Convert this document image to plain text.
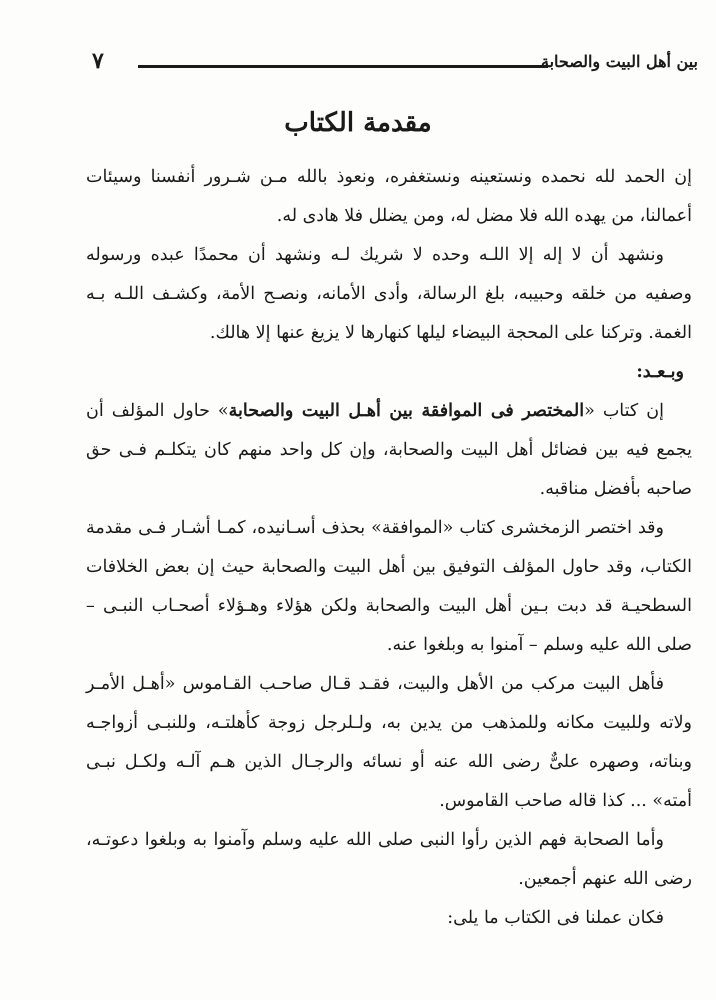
بين أهل البيت والصحابة
٧
مقدمة الكتاب

إن الحمد لله نحمده ونستعينه ونستغفره، ونعوذ بالله مـن شـرور أنفسنا وسيئات أعمالنا، من يهده الله فلا مضل له، ومن يضلل فلا هادى له.

ونشهد أن لا إله إلا اللـه وحده لا شريك لـه ونشهد أن محمدًا عبده ورسوله وصفيه من خلقه وحبيبه، بلغ الرسالة، وأدى الأمانه، ونصـح الأمة، وكشـف اللـه بـه الغمة. وتركنا على المحجة البيضاء ليلها كنهارها لا يزيغ عنها إلا هالك.

وبـعـد:

إن كتاب «المختصر فى الموافقة بين أهـل البيت والصحابة» حاول المؤلف أن يجمع فيه بين فضائل أهل البيت والصحابة، وإن كل واحد منهم كان يتكلـم فـى حق صاحبه بأفضل مناقبه.

وقد اختصر الزمخشرى كتاب «الموافقة» بحذف أسـانيده، كمـا أشـار فـى مقدمة الكتاب، وقد حاول المؤلف التوفيق بين أهل البيت والصحابة حيث إن بعض الخلافات السطحيـة قد دبت بـين أهل البيت والصحابة ولكن هؤلاء وهـؤلاء أصحـاب النبـى – صلى الله عليه وسلم – آمنوا به وبلغوا عنه.

فأهل البيت مركب من الأهل والبيت، فقـد قـال صاحـب القـاموس «أهـل الأمـر ولاته وللبيت مكانه وللمذهب من يدين به، ولـلرجل زوجة كأهلتـه، وللنبـى أزواجـه وبناته، وصهره علىٌّ رضى الله عنه أو نسائه والرجـال الذين هـم آلـه ولكـل نبـى أمته» ... كذا قاله صاحب القاموس.

وأما الصحابة فهم الذين رأوا النبى صلى الله عليه وسلم وآمنوا به وبلغوا دعوتـه، رضى الله عنهم أجمعين.

فكان عملنا فى الكتاب ما يلى:
